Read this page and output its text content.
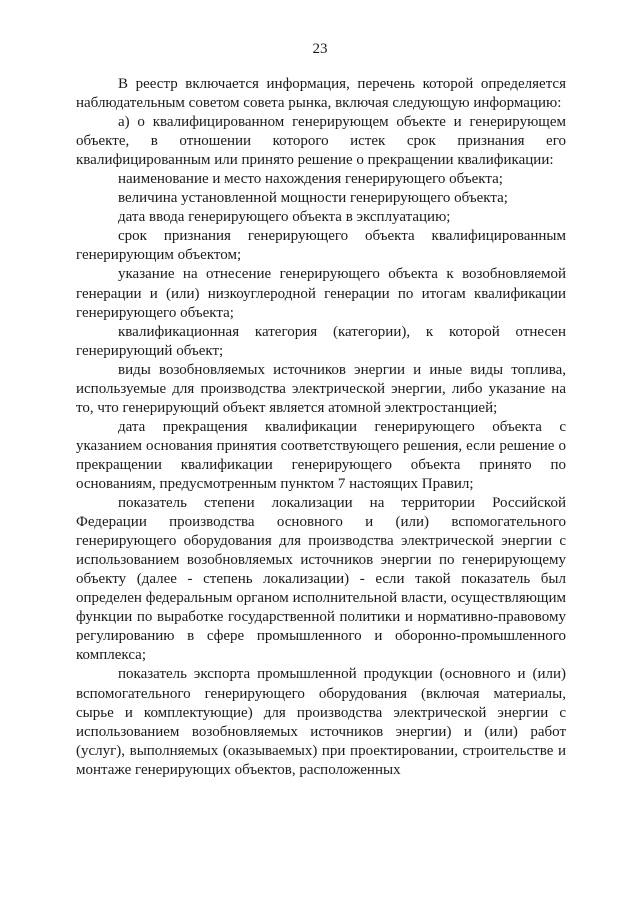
23

В реестр включается информация, перечень которой определяется наблюдательным советом совета рынка, включая следующую информацию:

а) о квалифицированном генерирующем объекте и генерирующем объекте, в отношении которого истек срок признания его квалифицированным или принято решение о прекращении квалификации:

наименование и место нахождения генерирующего объекта;

величина установленной мощности генерирующего объекта;

дата ввода генерирующего объекта в эксплуатацию;

срок признания генерирующего объекта квалифицированным генерирующим объектом;

указание на отнесение генерирующего объекта к возобновляемой генерации и (или) низкоуглеродной генерации по итогам квалификации генерирующего объекта;

квалификационная категория (категории), к которой отнесен генерирующий объект;

виды возобновляемых источников энергии и иные виды топлива, используемые для производства электрической энергии, либо указание на то, что генерирующий объект является атомной электростанцией;

дата прекращения квалификации генерирующего объекта с указанием основания принятия соответствующего решения, если решение о прекращении квалификации генерирующего объекта принято по основаниям, предусмотренным пунктом 7 настоящих Правил;

показатель степени локализации на территории Российской Федерации производства основного и (или) вспомогательного генерирующего оборудования для производства электрической энергии с использованием возобновляемых источников энергии по генерирующему объекту (далее - степень локализации) - если такой показатель был определен федеральным органом исполнительной власти, осуществляющим функции по выработке государственной политики и нормативно-правовому регулированию в сфере промышленного и оборонно-промышленного комплекса;

показатель экспорта промышленной продукции (основного и (или) вспомогательного генерирующего оборудования (включая материалы, сырье и комплектующие) для производства электрической энергии с использованием возобновляемых источников энергии) и (или) работ (услуг), выполняемых (оказываемых) при проектировании, строительстве и монтаже генерирующих объектов, расположенных
